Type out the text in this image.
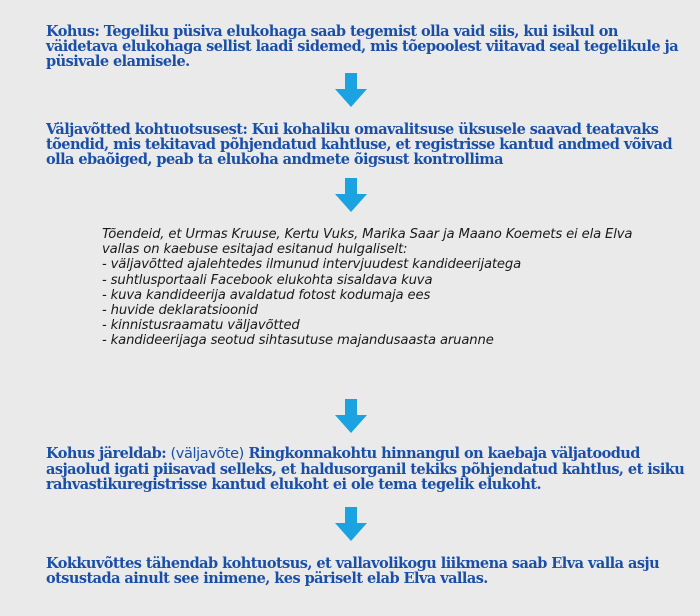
Kohus: Tegeliku püsiva elukohaga saab tegemist olla vaid siis, kui isikul on väidetava elukohaga sellist laadi sidemed, mis tõepoolest viitavad seal tegelikule ja püsivale elamisele.
Väljavõtted kohtuotsusest: Kui kohaliku omavalitsuse üksusele saavad teatavaks tõendid, mis tekitavad põhjendatud kahtluse, et registrisse kantud andmed võivad olla ebaõiged, peab ta elukoha andmete õigsust kontrollima
Tõendeid, et Urmas Kruuse, Kertu Vuks, Marika Saar ja Maano Koemets ei ela Elva vallas on kaebuse esitajad esitanud hulgaliselt:
- väljavõtted ajalehtedes ilmunud intervjuudest kandideerijatega
- suhtlusportaali Facebook elukohta sisaldava kuva
- kuva kandideerija avaldatud fotost kodumaja ees
- huvide deklaratsioonid
- kinnistusraamatu väljavõtted
- kandideerijaga seotud sihtasutuse majandusaasta aruanne
Kohus järeldab: (väljavõte) Ringkonnakohtu hinnangul on kaebaja väljatoodud asjaolud igati piisavad selleks, et haldusorganil tekiks põhjendatud kahtlus, et isiku rahvastikuregistrisse kantud elukoht ei ole tema tegelik elukoht.
Kokkuvõttes tähendab kohtuotsus, et vallavolikogu liikmena saab Elva valla asju otsustada ainult see inimene, kes päriselt elab Elva vallas.
